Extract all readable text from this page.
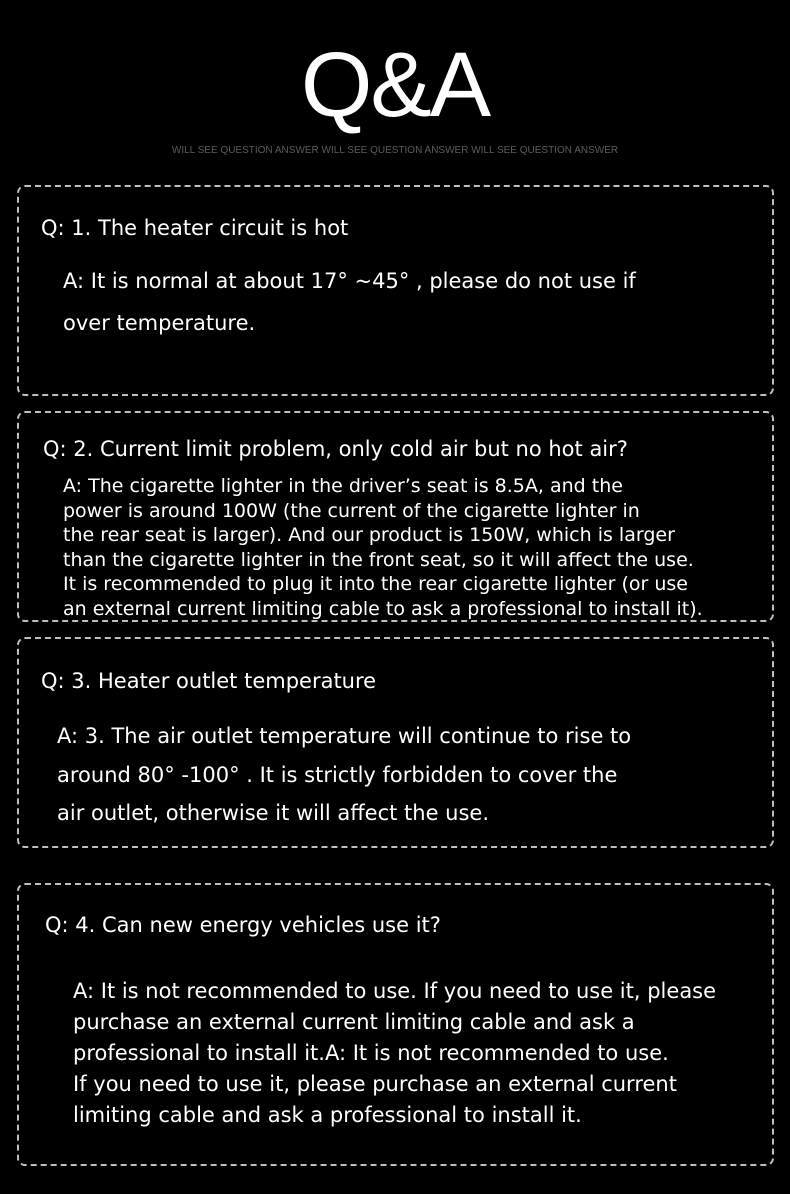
Q&A

WILL SEE QUESTION ANSWER WILL SEE QUESTION ANSWER WILL SEE QUESTION ANSWER

Q: 1. The heater circuit is hot

A: It is normal at about 17° ~45° , please do not use if
over temperature.

Q: 2. Current limit problem, only cold air but no hot air?

A: The cigarette lighter in the driver’s seat is 8.5A, and the
power is around 100W (the current of the cigarette lighter in
the rear seat is larger). And our product is 150W, which is larger
than the cigarette lighter in the front seat, so it will affect the use.
It is recommended to plug it into the rear cigarette lighter (or use
an external current limiting cable to ask a professional to install it).

Q: 3. Heater outlet temperature

A: 3. The air outlet temperature will continue to rise to
around 80° -100° . It is strictly forbidden to cover the
air outlet, otherwise it will affect the use.

Q: 4. Can new energy vehicles use it?

A: It is not recommended to use. If you need to use it, please
purchase an external current limiting cable and ask a
professional to install it.A: It is not recommended to use.
If you need to use it, please purchase an external current
limiting cable and ask a professional to install it.
